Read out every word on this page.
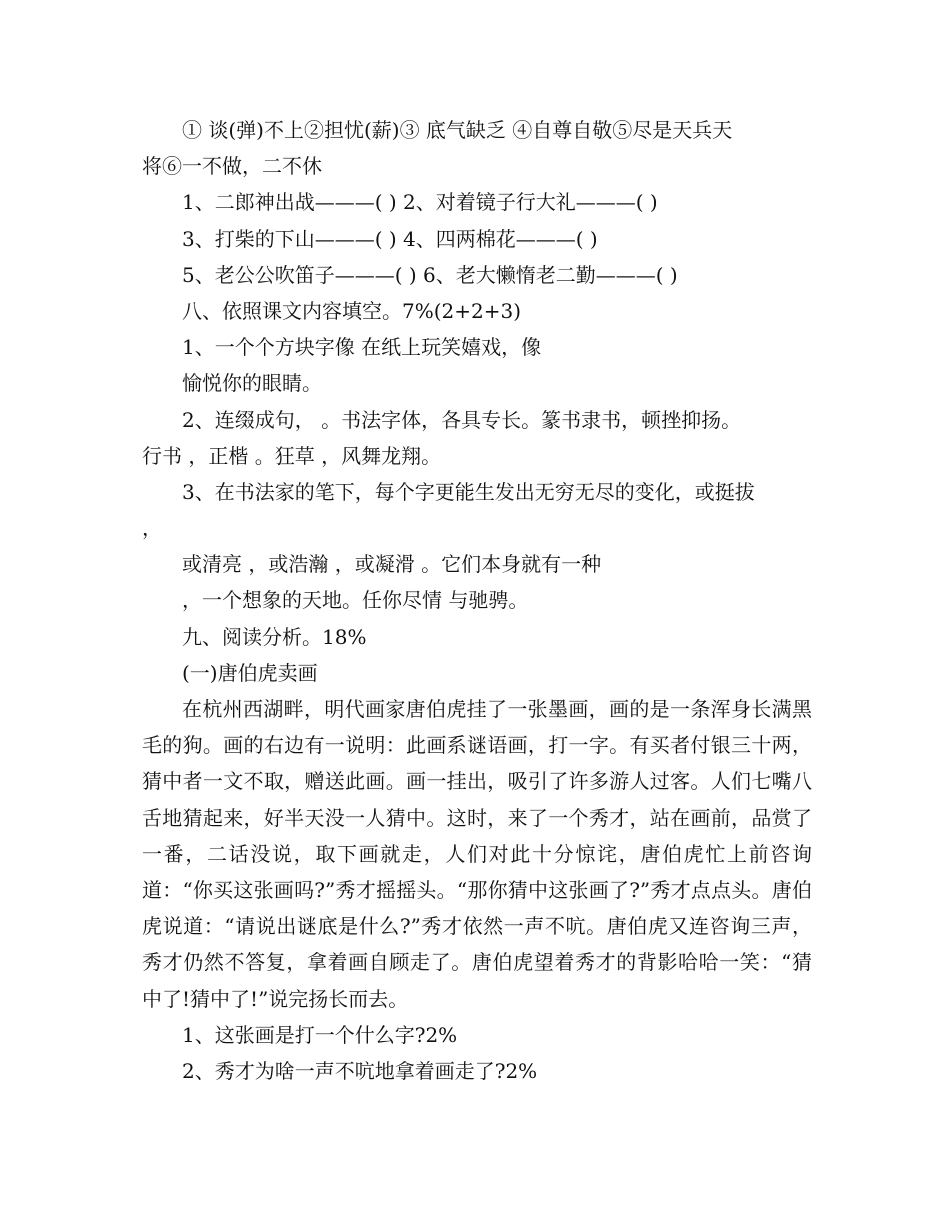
① 谈(弹)不上②担忧(薪)③ 底气缺乏 ④自尊自敬⑤尽是天兵天
将⑥一不做，二不休
1、二郎神出战———( ) 2、对着镜子行大礼———( )
3、打柴的下山———( ) 4、四两棉花———( )
5、老公公吹笛子———( ) 6、老大懒惰老二勤———( )
八、依照课文内容填空。7%(2+2+3)
1、一个个方块字像 在纸上玩笑嬉戏，像
愉悦你的眼睛。
2、连缀成句， 。书法字体，各具专长。篆书隶书，顿挫抑扬。
行书 ，正楷 。狂草 ，风舞龙翔。
3、在书法家的笔下，每个字更能生发出无穷无尽的变化，或挺拔
，
或清亮 ，或浩瀚 ，或凝滑 。它们本身就有一种
，一个想象的天地。任你尽情 与驰骋。
九、阅读分析。18%
(一)唐伯虎卖画
在杭州西湖畔，明代画家唐伯虎挂了一张墨画，画的是一条浑身长满黑毛的狗。画的右边有一说明：此画系谜语画，打一字。有买者付银三十两，猜中者一文不取，赠送此画。画一挂出，吸引了许多游人过客。人们七嘴八舌地猜起来，好半天没一人猜中。这时，来了一个秀才，站在画前，品赏了一番，二话没说，取下画就走，人们对此十分惊诧，唐伯虎忙上前咨询道：“你买这张画吗?”秀才摇摇头。“那你猜中这张画了?”秀才点点头。唐伯虎说道：“请说出谜底是什么?”秀才依然一声不吭。唐伯虎又连咨询三声，秀才仍然不答复，拿着画自顾走了。唐伯虎望着秀才的背影哈哈一笑：“猜中了!猜中了!”说完扬长而去。
1、这张画是打一个什么字?2%
2、秀才为啥一声不吭地拿着画走了?2%
